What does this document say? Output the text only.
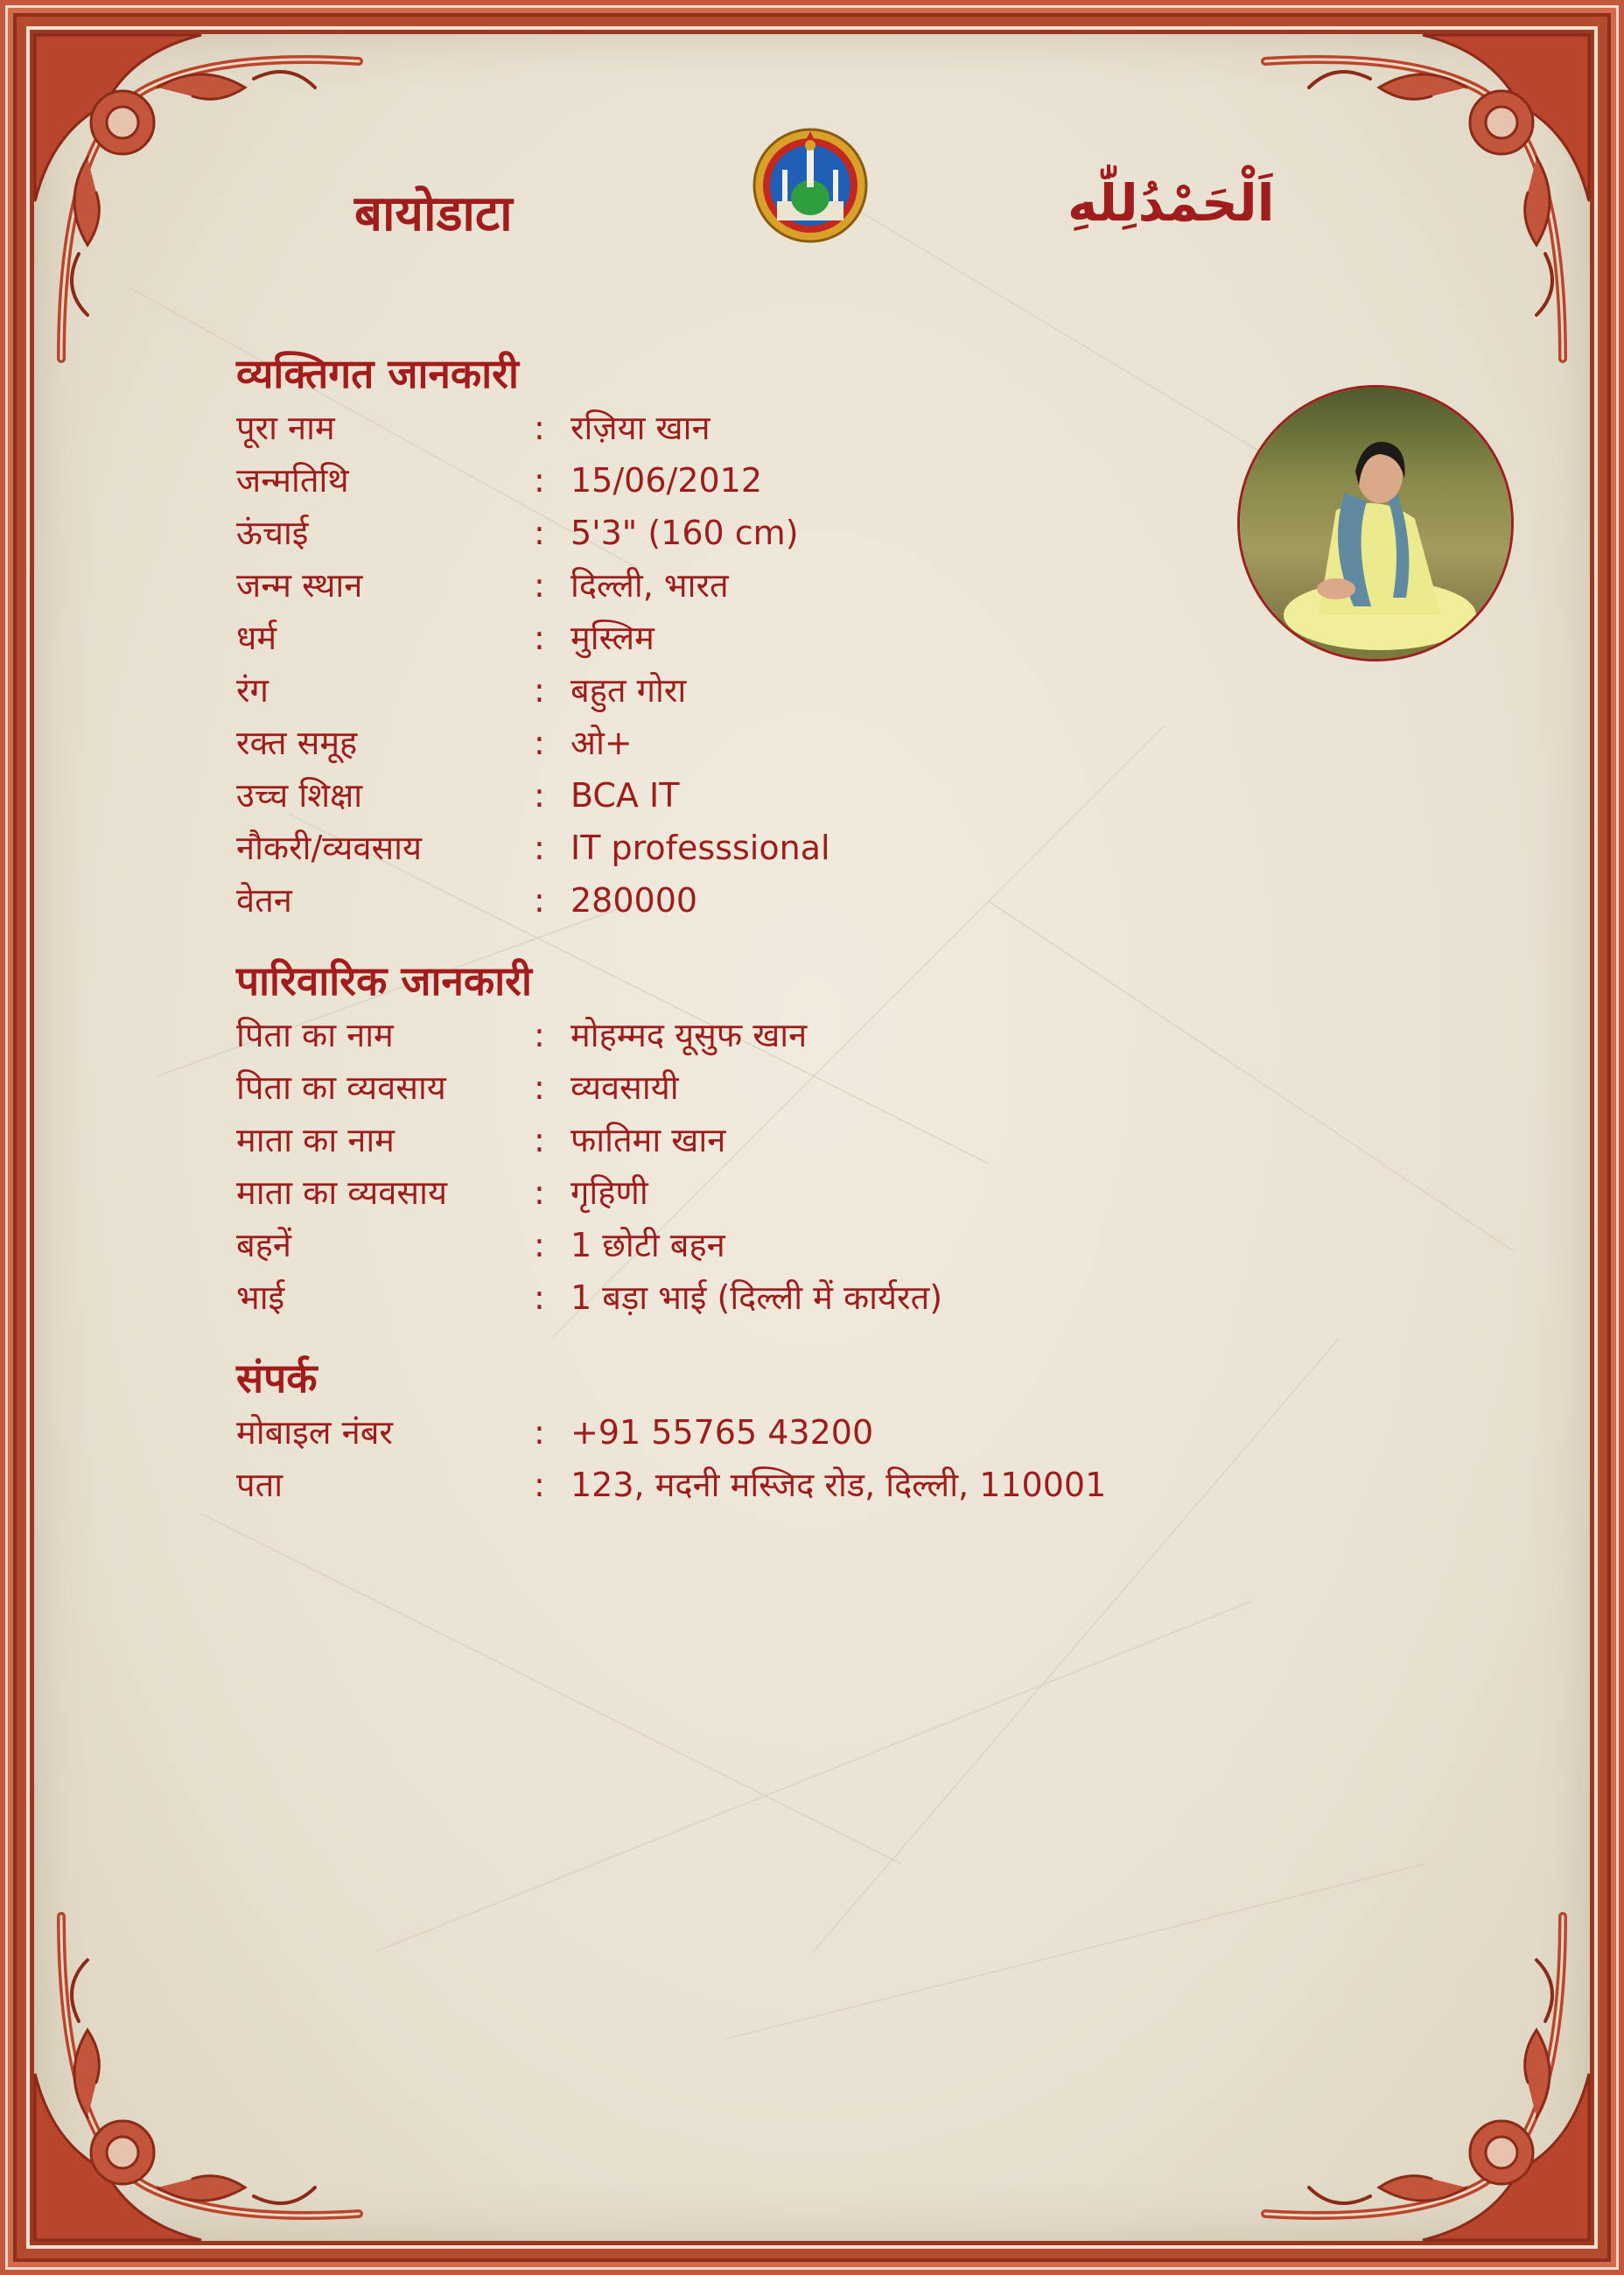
बायोडाटा	اَلْحَمْدُلِلّٰهِ
व्यक्तिगत जानकारी
पूरा नाम	: रज़िया खान
जन्मतिथि	: 15/06/2012
ऊंचाई	: 5'3" (160 cm)
जन्म स्थान	: दिल्ली, भारत
धर्म	: मुस्लिम
रंग	: बहुत गोरा
रक्त समूह	: ओ+
उच्च शिक्षा	: BCA IT
नौकरी/व्यवसाय	: IT professsional
वेतन	: 280000
पारिवारिक जानकारी
पिता का नाम	: मोहम्मद यूसुफ खान
पिता का व्यवसाय	: व्यवसायी
माता का नाम	: फातिमा खान
माता का व्यवसाय	: गृहिणी
बहनें	: 1 छोटी बहन
भाई	: 1 बड़ा भाई (दिल्ली में कार्यरत)
संपर्क
मोबाइल नंबर	: +91 55765 43200
पता	: 123, मदनी मस्जिद रोड, दिल्ली, 110001
